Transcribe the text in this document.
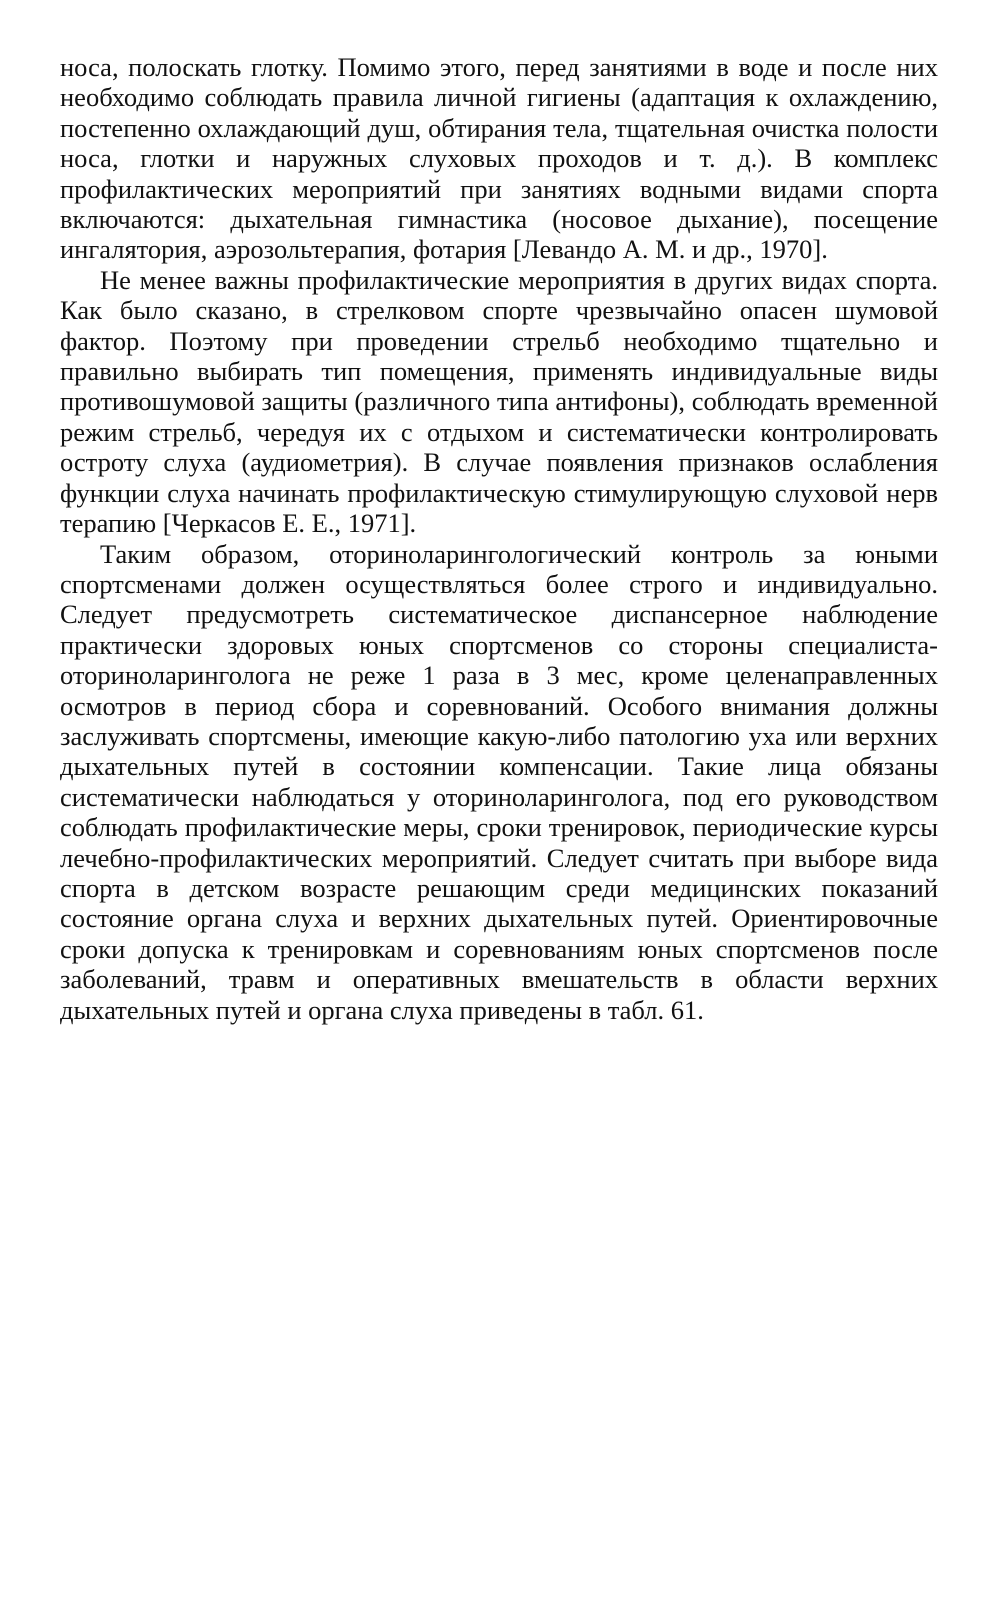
носа, полоскать глотку. Помимо этого, перед занятиями в воде и после них необходимо соблюдать правила личной гигиены (адаптация к охлаждению, постепенно охлаждающий душ, обтирания тела, тщательная очистка полости носа, глотки и наружных слуховых проходов и т. д.). В комплекс профилактических мероприятий при занятиях водными видами спорта включаются: дыхательная гимнастика (носовое дыхание), посещение ингалятория, аэрозольтерапия, фотария [Левандо А. М. и др., 1970].

Не менее важны профилактические мероприятия в других видах спорта. Как было сказано, в стрелковом спорте чрезвычайно опасен шумовой фактор. Поэтому при проведении стрельб необходимо тщательно и правильно выбирать тип помещения, применять индивидуальные виды противошумовой защиты (различного типа антифоны), соблюдать временной режим стрельб, чередуя их с отдыхом и систематически контролировать остроту слуха (аудиометрия). В случае появления признаков ослабления функции слуха начинать профилактическую стимулирующую слуховой нерв терапию [Черкасов Е. Е., 1971].

Таким образом, оториноларингологический контроль за юными спортсменами должен осуществляться более строго и индивидуально. Следует предусмотреть систематическое диспансерное наблюдение практически здоровых юных спортсменов со стороны специалиста-оториноларинголога не реже 1 раза в 3 мес, кроме целенаправленных осмотров в период сбора и соревнований. Особого внимания должны заслуживать спортсмены, имеющие какую-либо патологию уха или верхних дыхательных путей в состоянии компенсации. Такие лица обязаны систематически наблюдаться у оториноларинголога, под его руководством соблюдать профилактические меры, сроки тренировок, периодические курсы лечебно-профилактических мероприятий. Следует считать при выборе вида спорта в детском возрасте решающим среди медицинских показаний состояние органа слуха и верхних дыхательных путей. Ориентировочные сроки допуска к тренировкам и соревнованиям юных спортсменов после заболеваний, травм и оперативных вмешательств в области верхних дыхательных путей и органа слуха приведены в табл. 61.
